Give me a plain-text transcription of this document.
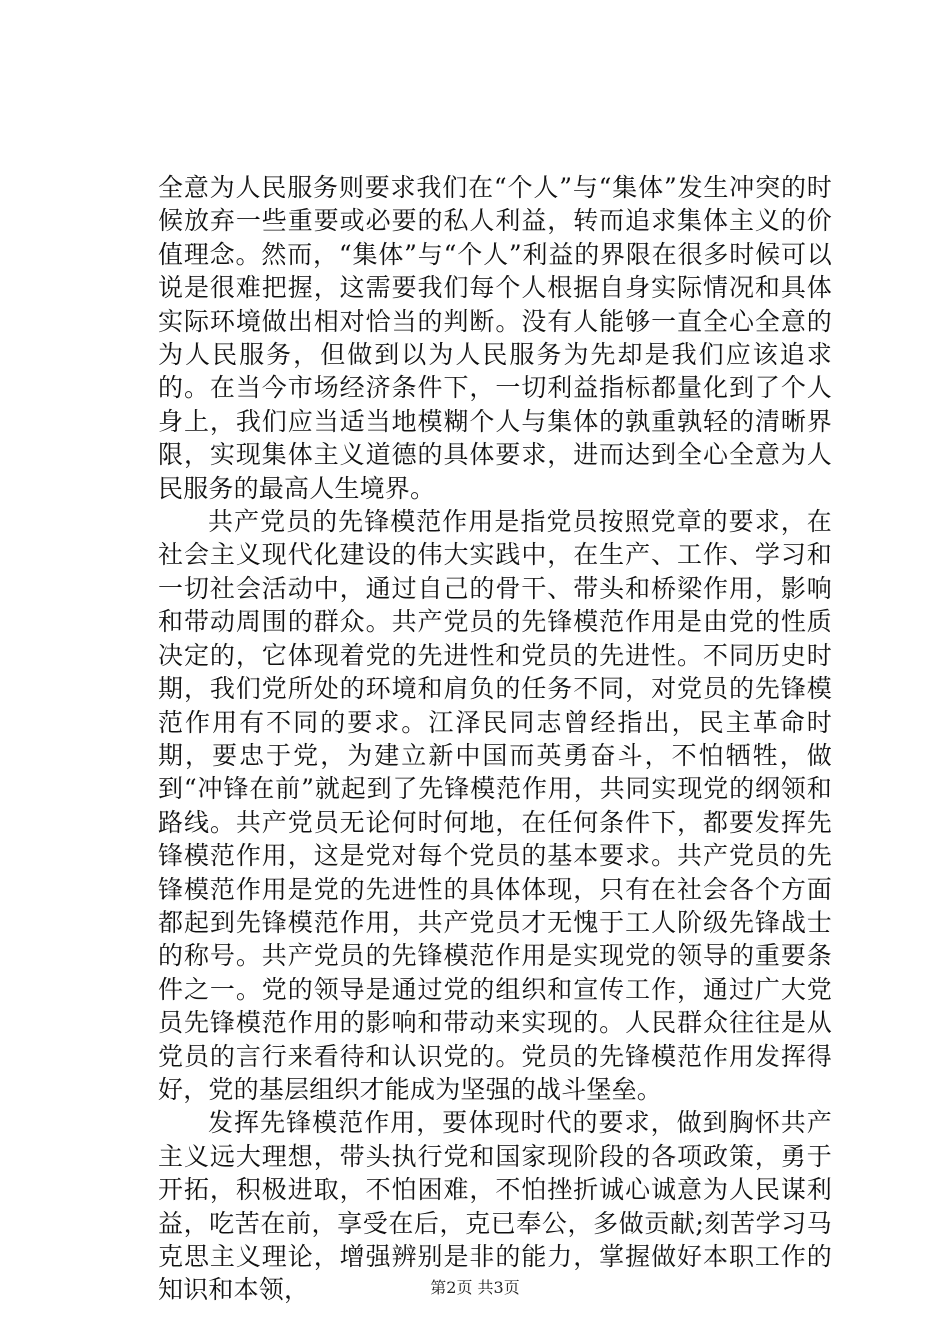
全意为人民服务则要求我们在“个人”与“集体”发生冲突的时候放弃一些重要或必要的私人利益，转而追求集体主义的价值理念。然而，“集体”与“个人”利益的界限在很多时候可以说是很难把握，这需要我们每个人根据自身实际情况和具体实际环境做出相对恰当的判断。没有人能够一直全心全意的为人民服务，但做到以为人民服务为先却是我们应该追求的。在当今市场经济条件下，一切利益指标都量化到了个人身上，我们应当适当地模糊个人与集体的孰重孰轻的清晰界限，实现集体主义道德的具体要求，进而达到全心全意为人民服务的最高人生境界。

共产党员的先锋模范作用是指党员按照党章的要求，在社会主义现代化建设的伟大实践中，在生产、工作、学习和一切社会活动中，通过自己的骨干、带头和桥梁作用，影响和带动周围的群众。共产党员的先锋模范作用是由党的性质决定的，它体现着党的先进性和党员的先进性。不同历史时期，我们党所处的环境和肩负的任务不同，对党员的先锋模范作用有不同的要求。江泽民同志曾经指出，民主革命时期，要忠于党，为建立新中国而英勇奋斗，不怕牺牲，做到“冲锋在前”就起到了先锋模范作用，共同实现党的纲领和路线。共产党员无论何时何地，在任何条件下，都要发挥先锋模范作用，这是党对每个党员的基本要求。共产党员的先锋模范作用是党的先进性的具体体现，只有在社会各个方面都起到先锋模范作用，共产党员才无愧于工人阶级先锋战士的称号。共产党员的先锋模范作用是实现党的领导的重要条件之一。党的领导是通过党的组织和宣传工作，通过广大党员先锋模范作用的影响和带动来实现的。人民群众往往是从党员的言行来看待和认识党的。党员的先锋模范作用发挥得好，党的基层组织才能成为坚强的战斗堡垒。

发挥先锋模范作用，要体现时代的要求，做到胸怀共产主义远大理想，带头执行党和国家现阶段的各项政策，勇于开拓，积极进取，不怕困难，不怕挫折诚心诚意为人民谋利益，吃苦在前，享受在后，克已奉公，多做贡献;刻苦学习马克思主义理论，增强辨别是非的能力，掌握做好本职工作的知识和本领，	第2页 共3页
